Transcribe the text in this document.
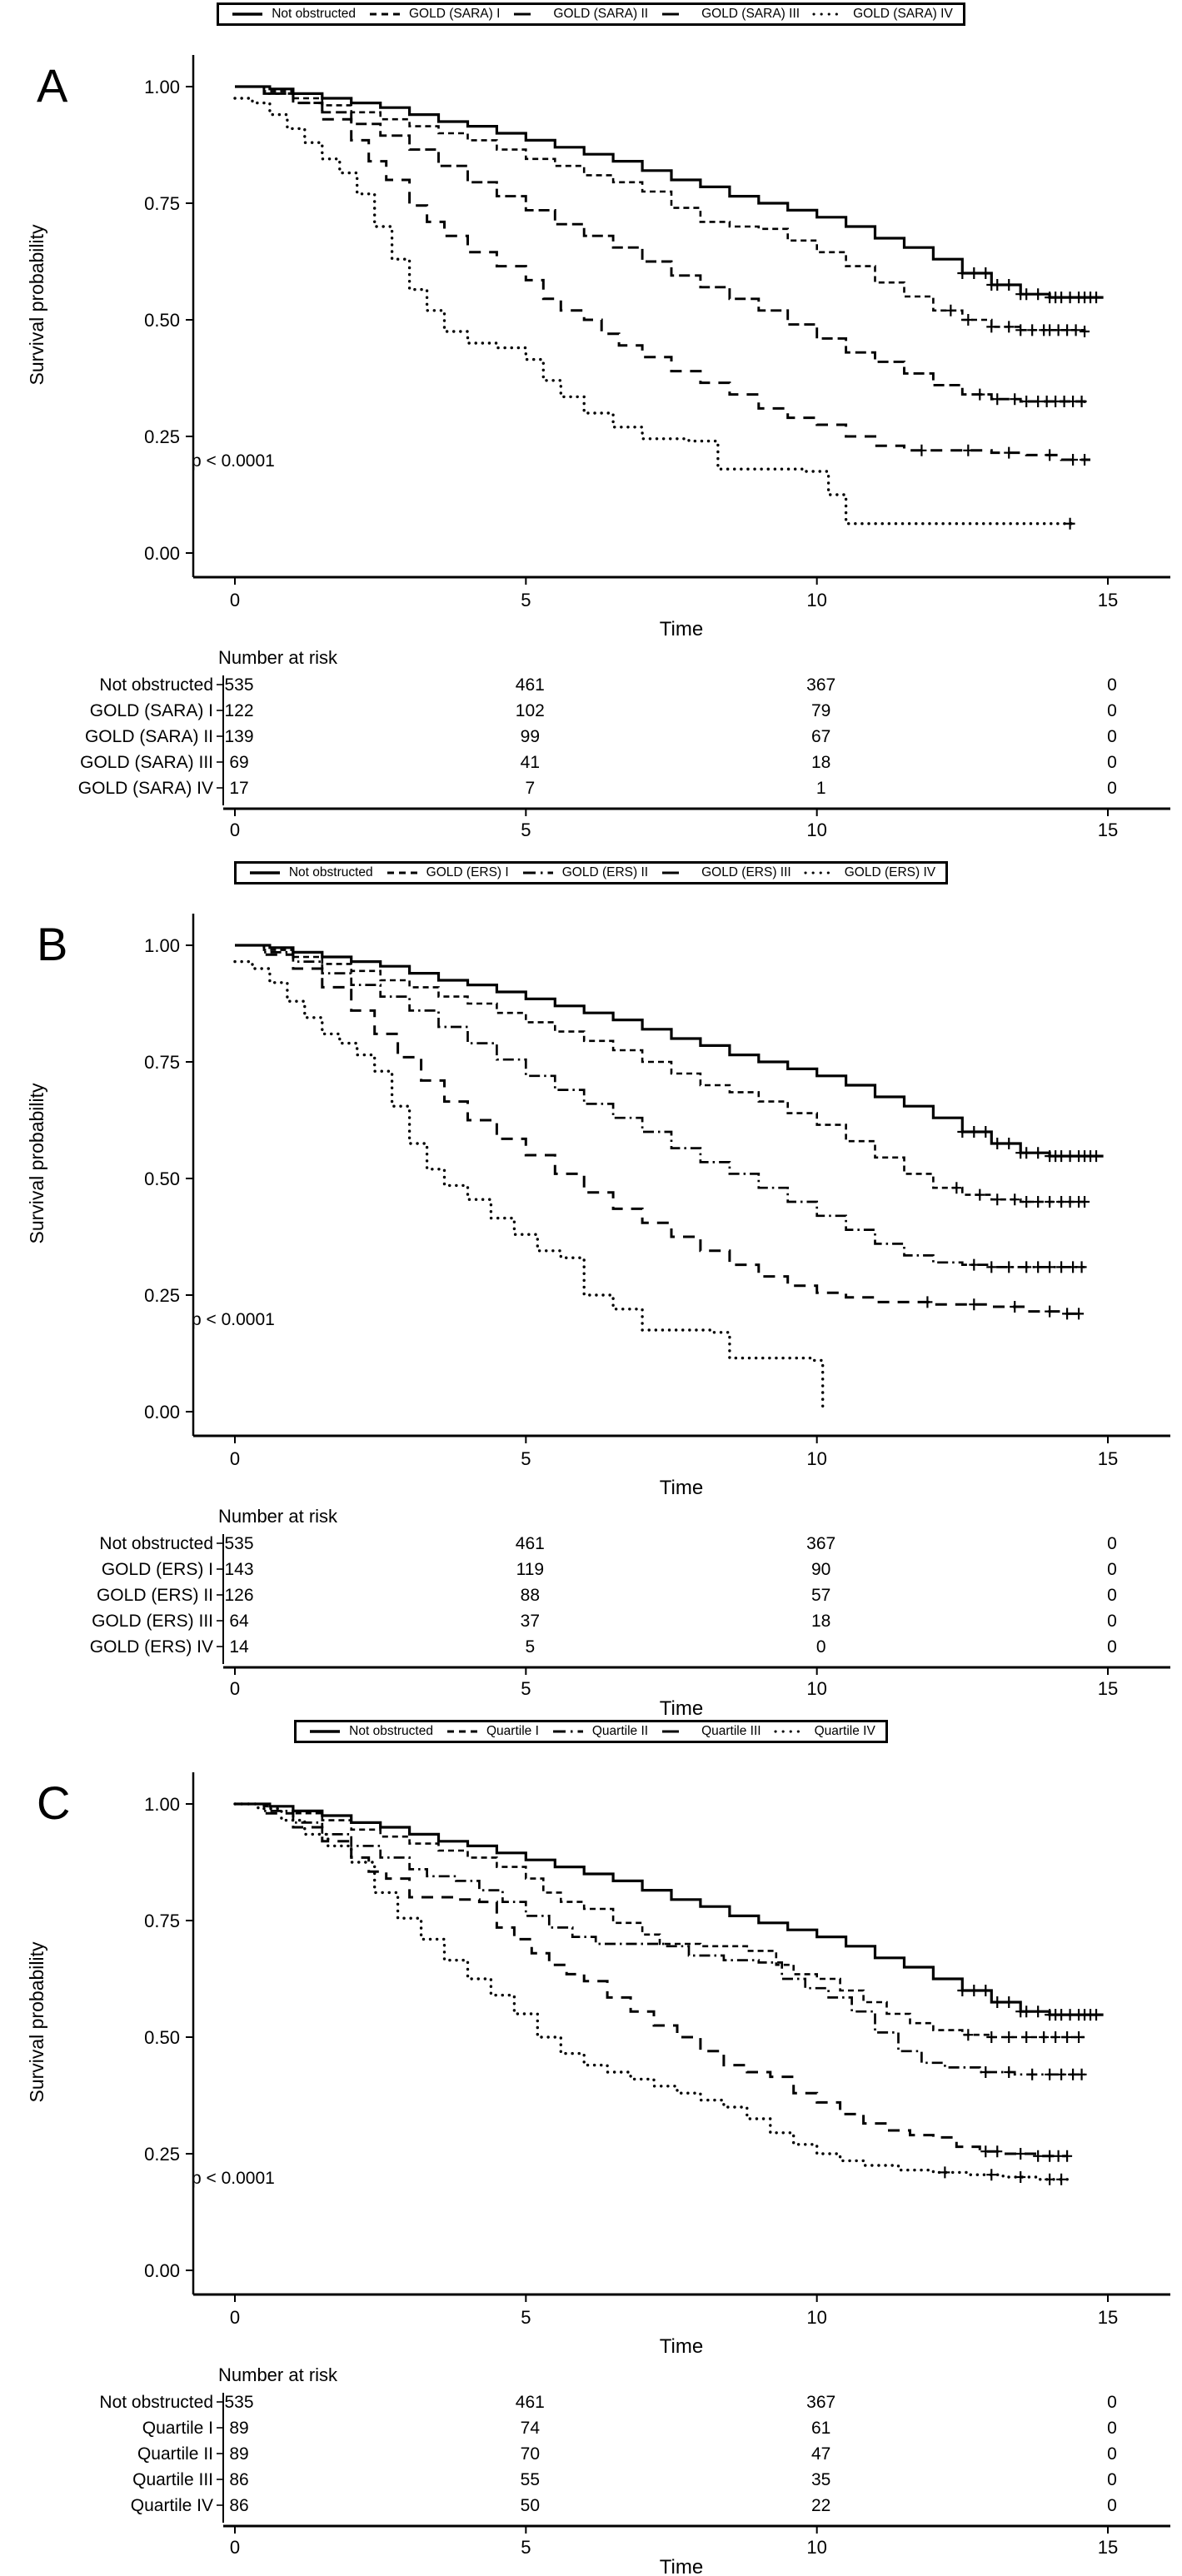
Not obstructed	GOLD (SARA) I	GOLD (SARA) II	GOLD (SARA) III	GOLD (SARA) IV
A
Survival probability
1.00
0.75
0.50
0.25
0.00
0	5	10	15
Time
p < 0.0001
Number at risk
Not obstructed 535	461	367	0
GOLD (SARA) I 122	102	79	0
GOLD (SARA) II 139	99	67	0
GOLD (SARA) III 69	41	18	0
GOLD (SARA) IV 17	7	1	0
0	5	10	15
Not obstructed	GOLD (ERS) I	GOLD (ERS) II	GOLD (ERS) III	GOLD (ERS) IV
B
Survival probability
1.00
0.75
0.50
0.25
0.00
0	5	10	15
Time
p < 0.0001
Number at risk
Not obstructed 535	461	367	0
GOLD (ERS) I 143	119	90	0
GOLD (ERS) II 126	88	57	0
GOLD (ERS) III 64	37	18	0
GOLD (ERS) IV 14	5	0	0
0	5	10	15
Time
Not obstructed	Quartile I	Quartile II	Quartile III	Quartile IV
C
Survival probability
1.00
0.75
0.50
0.25
0.00
0	5	10	15
Time
p < 0.0001
Number at risk
Not obstructed 535	461	367	0
Quartile I 89	74	61	0
Quartile II 89	70	47	0
Quartile III 86	55	35	0
Quartile IV 86	50	22	0
0	5	10	15
Time
